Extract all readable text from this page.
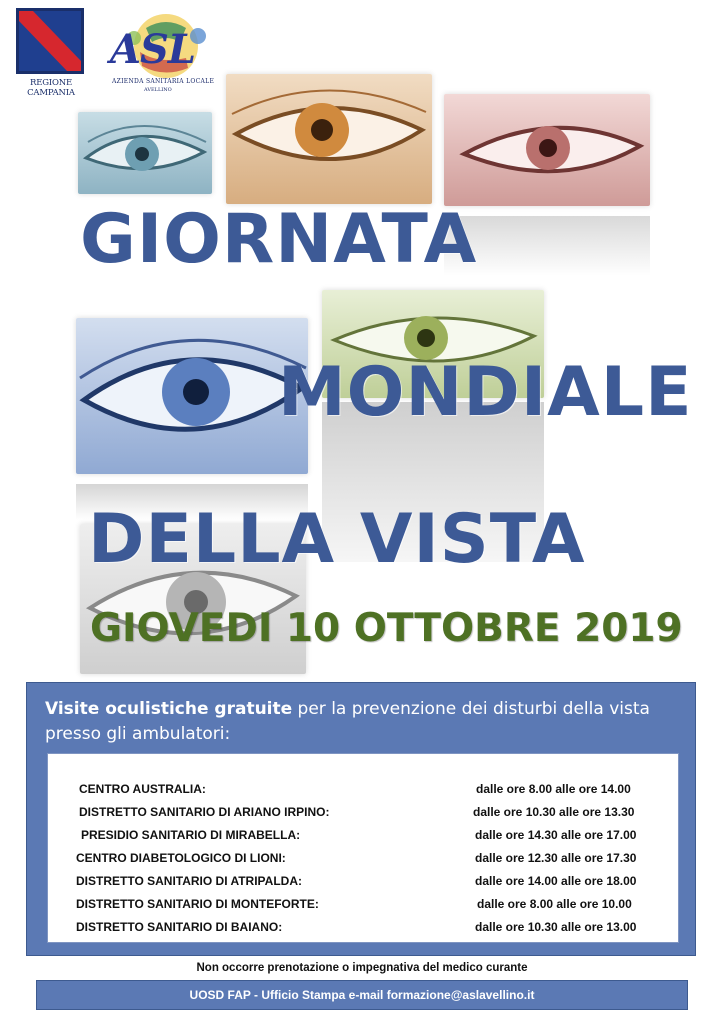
REGIONE CAMPANIA
ASL
AZIENDA SANITARIA LOCALE
AVELLINO
GIORNATA
MONDIALE
DELLA VISTA
GIOVEDI 10 OTTOBRE 2019
Visite oculistiche gratuite per la prevenzione dei disturbi della vista presso gli ambulatori:
CENTRO AUSTRALIA:	dalle ore 8.00 alle ore 14.00
DISTRETTO SANITARIO DI ARIANO IRPINO:	dalle ore 10.30 alle ore 13.30
PRESIDIO SANITARIO DI MIRABELLA:	dalle ore 14.30 alle ore 17.00
CENTRO DIABETOLOGICO DI LIONI:	dalle ore 12.30 alle ore 17.30
DISTRETTO SANITARIO DI ATRIPALDA:	dalle ore 14.00 alle ore 18.00
DISTRETTO SANITARIO DI MONTEFORTE:	dalle ore 8.00 alle ore 10.00
DISTRETTO SANITARIO DI BAIANO:	dalle ore 10.30 alle ore 13.00
Non occorre prenotazione o impegnativa del medico curante
UOSD FAP - Ufficio Stampa e-mail formazione@aslavellino.it
